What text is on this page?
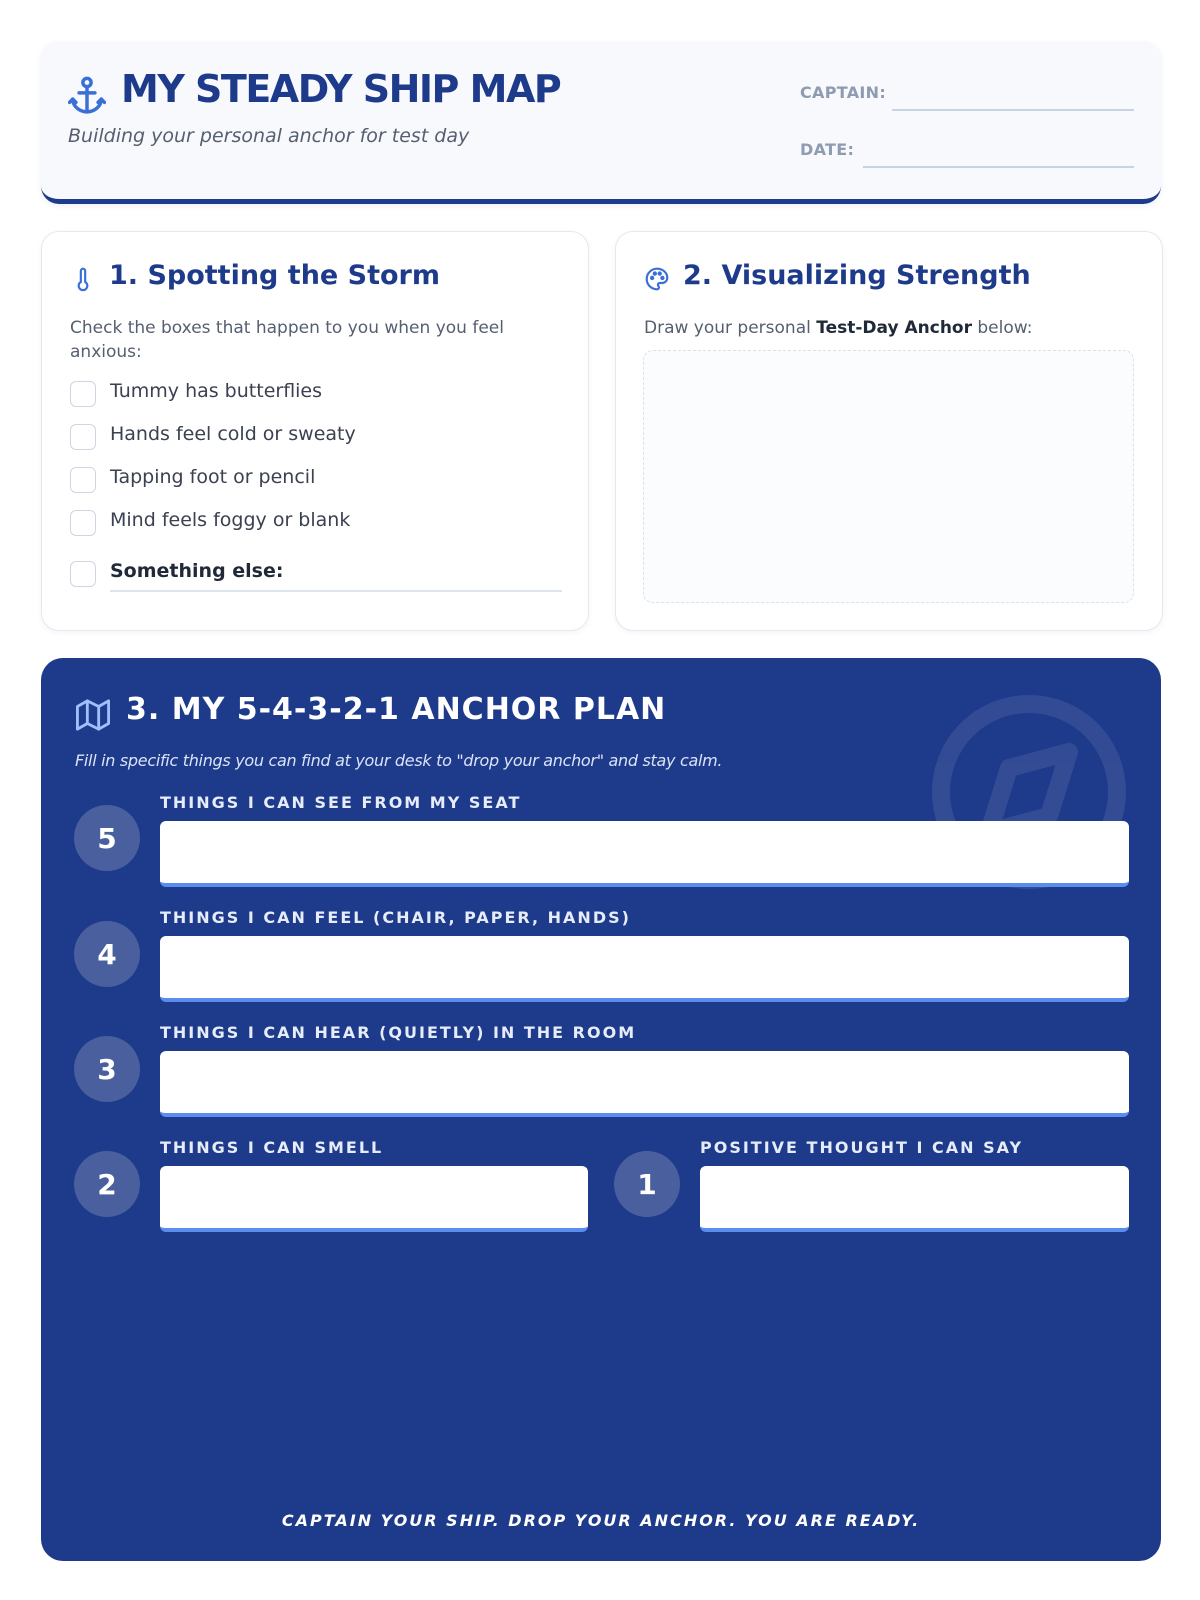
MY STEADY SHIP MAP
Building your personal anchor for test day
CAPTAIN:
DATE:
1. Spotting the Storm
Check the boxes that happen to you when you feel anxious:
Tummy has butterflies
Hands feel cold or sweaty
Tapping foot or pencil
Mind feels foggy or blank
Something else:
2. Visualizing Strength
Draw your personal Test-Day Anchor below:
3. MY 5-4-3-2-1 ANCHOR PLAN
Fill in specific things you can find at your desk to "drop your anchor" and stay calm.
5
THINGS I CAN SEE FROM MY SEAT
4
THINGS I CAN FEEL (CHAIR, PAPER, HANDS)
3
THINGS I CAN HEAR (QUIETLY) IN THE ROOM
2
THINGS I CAN SMELL
1
POSITIVE THOUGHT I CAN SAY
CAPTAIN YOUR SHIP. DROP YOUR ANCHOR. YOU ARE READY.
